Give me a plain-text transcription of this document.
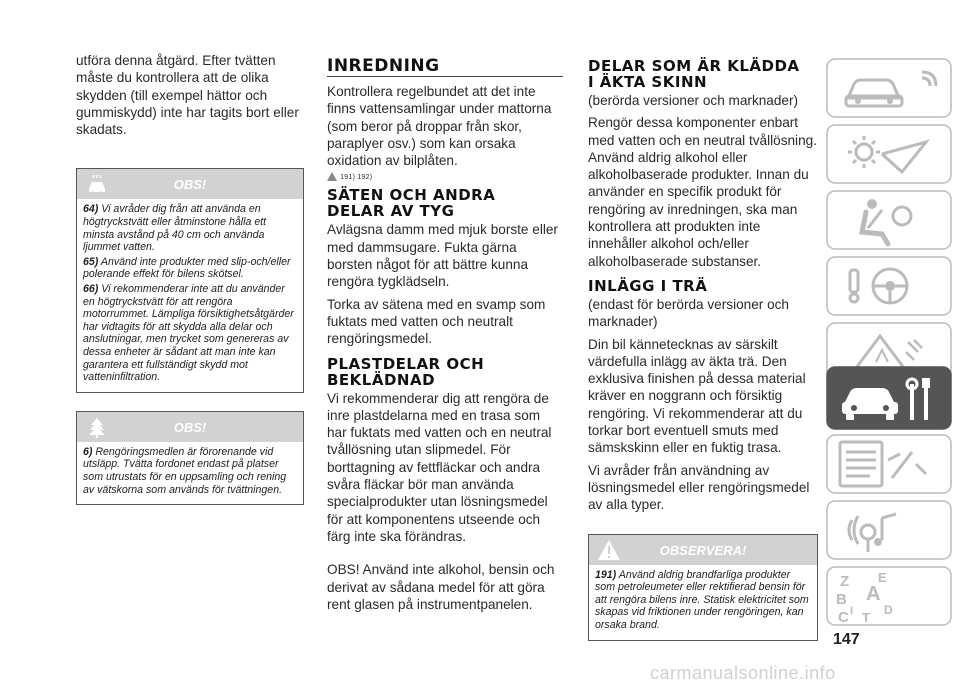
utföra denna åtgärd. Efter tvätten måste du kontrollera att de olika skydden (till exempel hättor och gummiskydd) inte har tagits bort eller skadats.

OBS!

64) Vi avråder dig från att använda en högtryckstvätt eller åtminstone hålla ett minsta avstånd på 40 cm och använda ljummet vatten.

65) Använd inte produkter med slip-och/eller polerande effekt för bilens skötsel.

66) Vi rekommenderar inte att du använder en högtryckstvätt för att rengöra motorrummet. Lämpliga försiktighetsåtgärder har vidtagits för att skydda alla delar och anslutningar, men trycket som genereras av dessa enheter är sådant att man inte kan garantera ett fullständigt skydd mot vatteninfiltration.

OBS!

6) Rengöringsmedlen är förorenande vid utsläpp. Tvätta fordonet endast på platser som utrustats för en uppsamling och rening av vätskorna som används för tvättningen.

INREDNING

Kontrollera regelbundet att det inte finns vattensamlingar under mattorna (som beror på droppar från skor, paraplyer osv.) som kan orsaka oxidation av bilplåten.

191) 192)
SÄTEN OCH ANDRA
DELAR AV TYG

Avlägsna damm med mjuk borste eller med dammsugare. Fukta gärna borsten något för att bättre kunna rengöra tygklädseln.

Torka av sätena med en svamp som fuktats med vatten och neutralt rengöringsmedel.

PLASTDELAR OCH
BEKLÄDNAD

Vi rekommenderar dig att rengöra de inre plastdelarna med en trasa som har fuktats med vatten och en neutral tvållösning utan slipmedel. För borttagning av fettfläckar och andra svåra fläckar bör man använda specialprodukter utan lösningsmedel för att komponentens utseende och färg inte ska förändras.

OBS! Använd inte alkohol, bensin och derivat av sådana medel för att göra rent glasen på instrumentpanelen.

DELAR SOM ÄR KLÄDDA
I ÄKTA SKINN

(berörda versioner och marknader)

Rengör dessa komponenter enbart med vatten och en neutral tvållösning. Använd aldrig alkohol eller alkoholbaserade produkter. Innan du använder en specifik produkt för rengöring av inredningen, ska man kontrollera att produkten inte innehåller alkohol och/eller alkoholbaserade substanser.

INLÄGG I TRÄ

(endast för berörda versioner och marknader)

Din bil kännetecknas av särskilt värdefulla inlägg av äkta trä. Den exklusiva finishen på dessa material kräver en noggrann och försiktig rengöring. Vi rekommenderar att du torkar bort eventuell smuts med sämskskinn eller en fuktig trasa.

Vi avråder från användning av lösningsmedel eller rengöringsmedel av alla typer.

OBSERVERA!

191) Använd aldrig brandfarliga produkter som petroleumeter eller rektifierad bensin för att rengöra bilens inre. Statisk elektricitet som skapas vid friktionen under rengöringen, kan orsaka brand.

Z E
B A
C T D
I
147
carmanualsonline.info
